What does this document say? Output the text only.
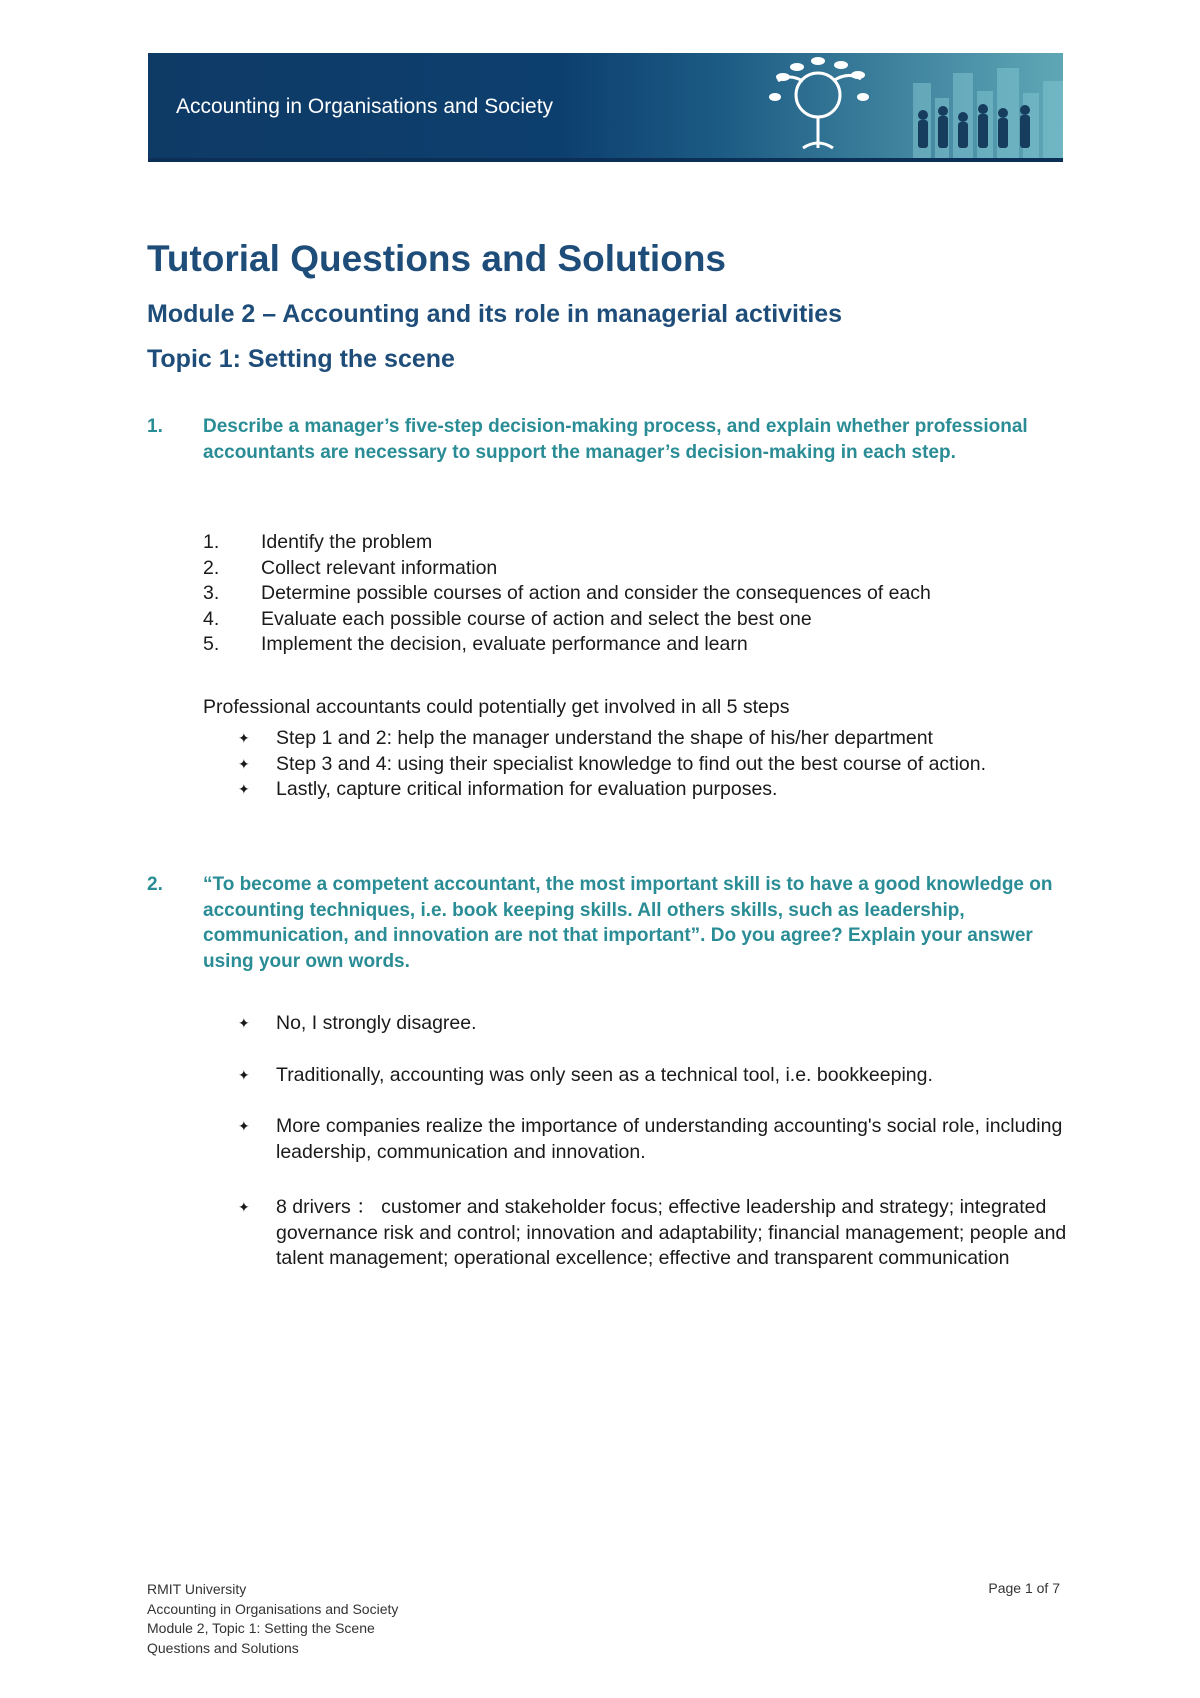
Accounting in Organisations and Society
Tutorial Questions and Solutions
Module 2 – Accounting and its role in managerial activities
Topic 1: Setting the scene
1. Describe a manager’s five-step decision-making process, and explain whether professional accountants are necessary to support the manager’s decision-making in each step.
1. Identify the problem
2. Collect relevant information
3. Determine possible courses of action and consider the consequences of each
4. Evaluate each possible course of action and select the best one
5. Implement the decision, evaluate performance and learn
Professional accountants could potentially get involved in all 5 steps
✦ Step 1 and 2: help the manager understand the shape of his/her department
✦ Step 3 and 4: using their specialist knowledge to find out the best course of action.
✦ Lastly, capture critical information for evaluation purposes.
2. “To become a competent accountant, the most important skill is to have a good knowledge on accounting techniques, i.e. book keeping skills. All others skills, such as leadership, communication, and innovation are not that important”. Do you agree? Explain your answer using your own words.
✦ No, I strongly disagree.
✦ Traditionally, accounting was only seen as a technical tool, i.e. bookkeeping.
✦ More companies realize the importance of understanding accounting's social role, including leadership, communication and innovation.
✦ 8 drivers ： customer and stakeholder focus; effective leadership and strategy; integrated governance risk and control; innovation and adaptability; financial management; people and talent management; operational excellence; effective and transparent communication
RMIT University
Accounting in Organisations and Society
Module 2, Topic 1: Setting the Scene
Questions and Solutions
Page 1 of 7
